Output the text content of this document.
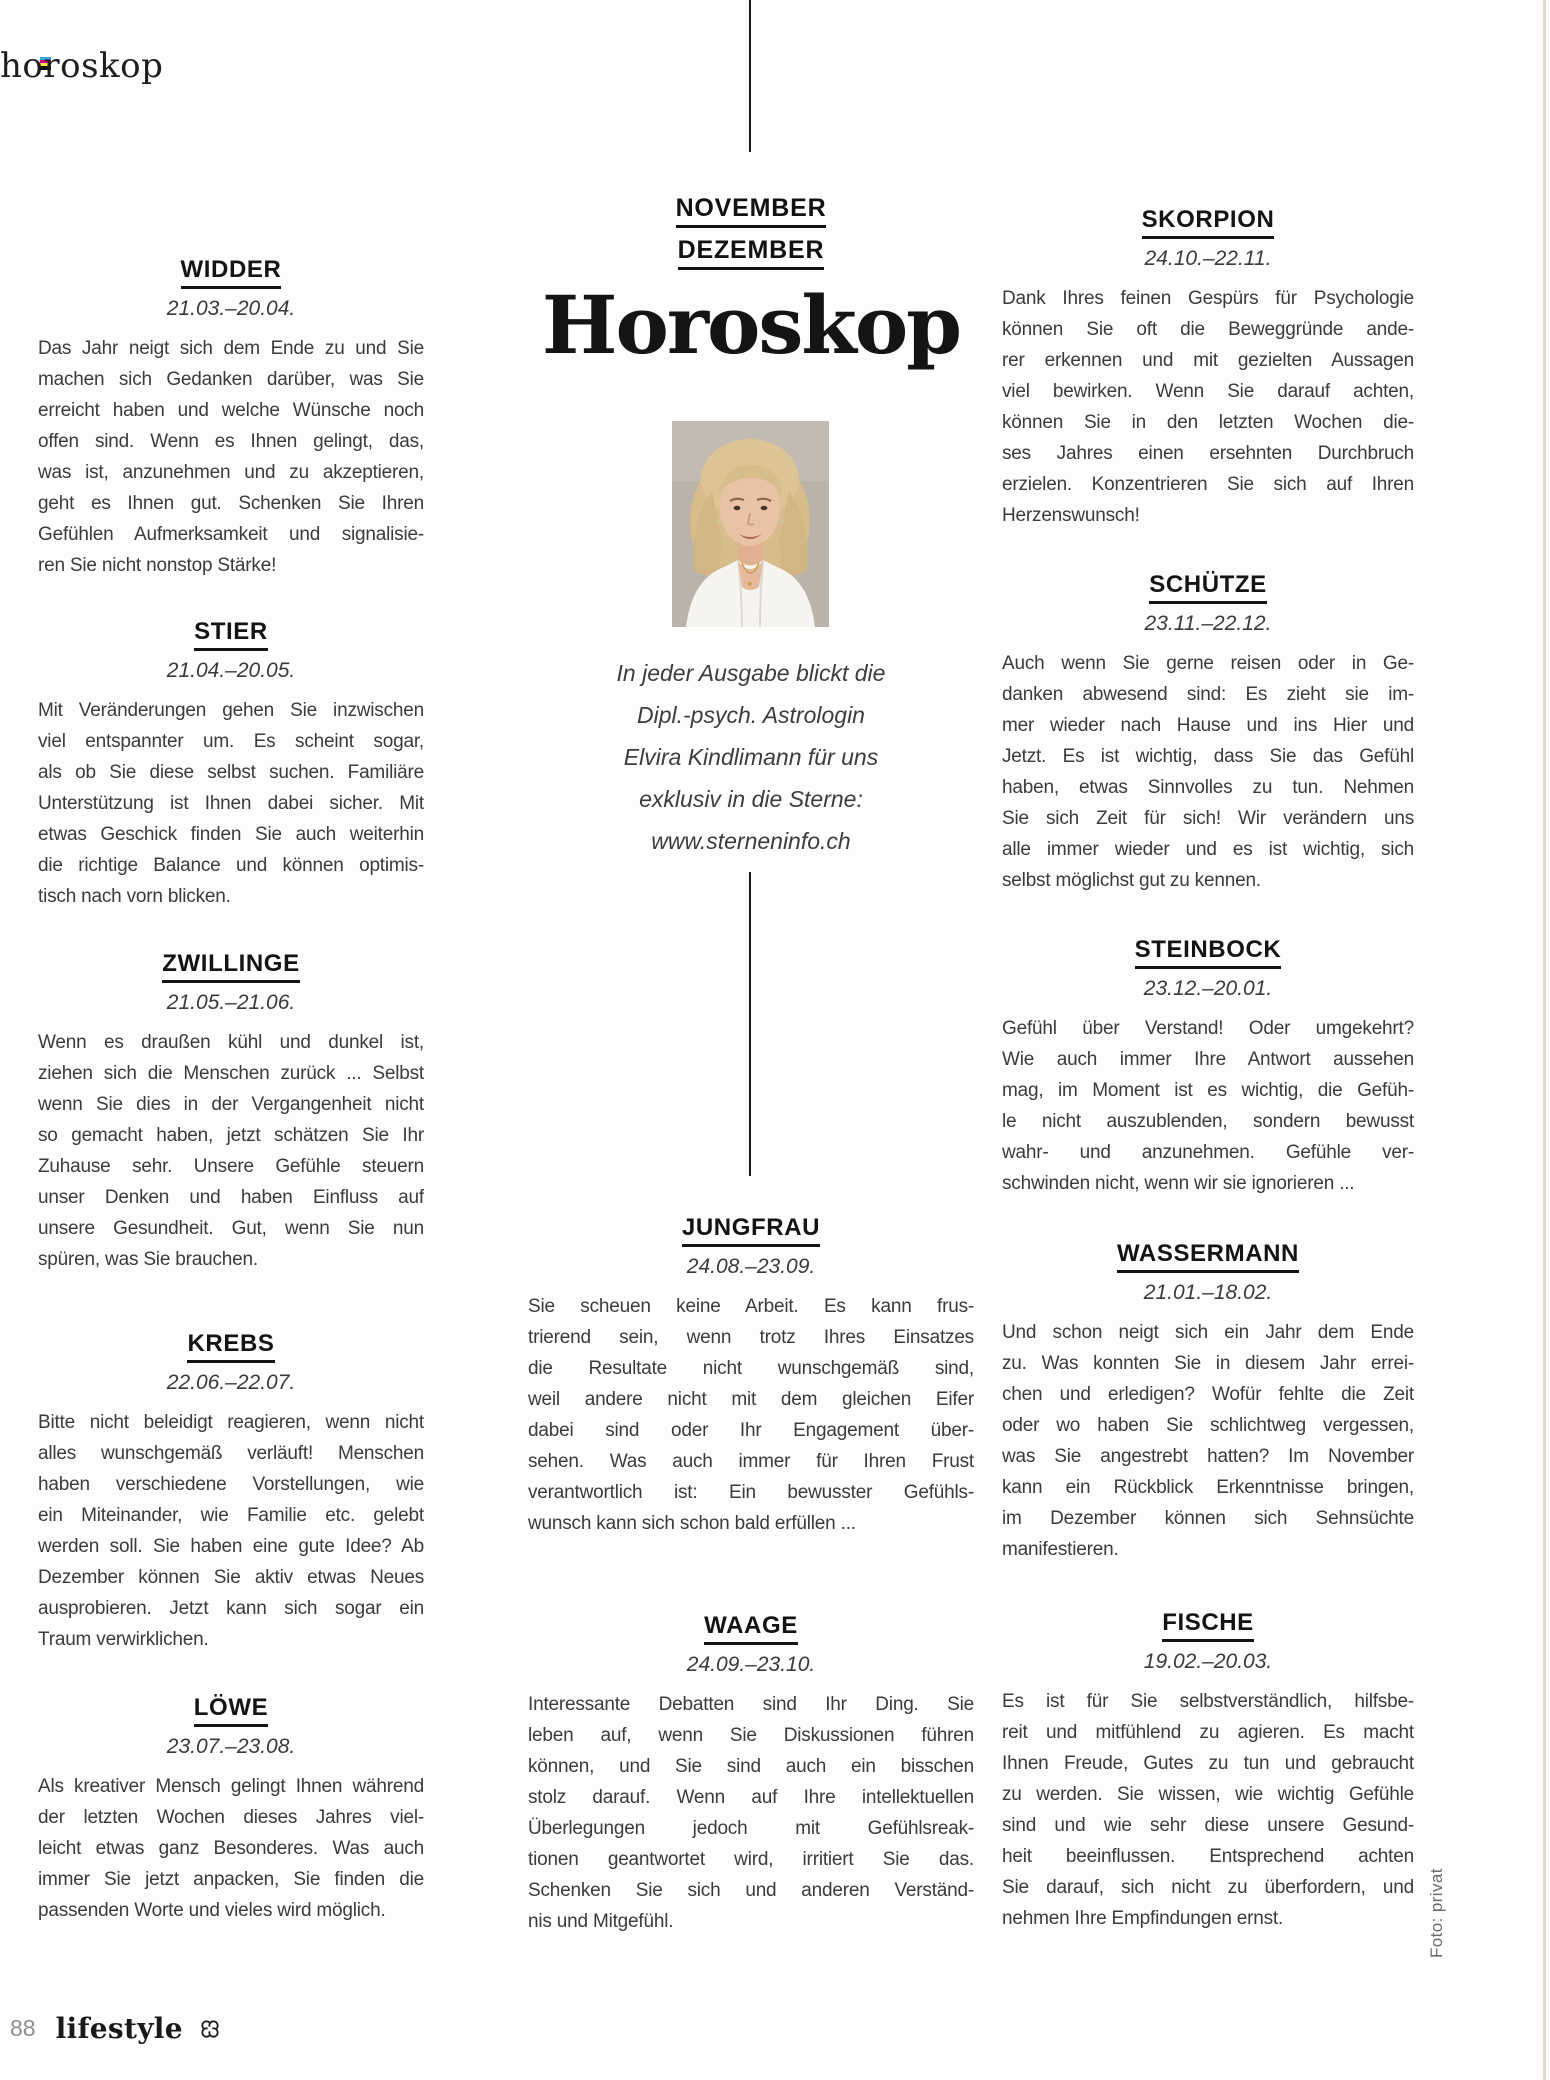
horoskop
NOVEMBER
DEZEMBER
Horoskop
In jeder Ausgabe blickt die
Dipl.-psych. Astrologin
Elvira Kindlimann für uns
exklusiv in die Sterne:
www.sterneninfo.ch
WIDDER
21.03.–20.04.
Das Jahr neigt sich dem Ende zu und Sie
machen sich Gedanken darüber, was Sie
erreicht haben und welche Wünsche noch
offen sind. Wenn es Ihnen gelingt, das,
was ist, anzunehmen und zu akzeptieren,
geht es Ihnen gut. Schenken Sie Ihren
Gefühlen Aufmerksamkeit und signalisie-
ren Sie nicht nonstop Stärke!
STIER
21.04.–20.05.
Mit Veränderungen gehen Sie inzwischen
viel entspannter um. Es scheint sogar,
als ob Sie diese selbst suchen. Familiäre
Unterstützung ist Ihnen dabei sicher. Mit
etwas Geschick finden Sie auch weiterhin
die richtige Balance und können optimis-
tisch nach vorn blicken.
ZWILLINGE
21.05.–21.06.
Wenn es draußen kühl und dunkel ist,
ziehen sich die Menschen zurück ... Selbst
wenn Sie dies in der Vergangenheit nicht
so gemacht haben, jetzt schätzen Sie Ihr
Zuhause sehr. Unsere Gefühle steuern
unser Denken und haben Einfluss auf
unsere Gesundheit. Gut, wenn Sie nun
spüren, was Sie brauchen.
KREBS
22.06.–22.07.
Bitte nicht beleidigt reagieren, wenn nicht
alles wunschgemäß verläuft! Menschen
haben verschiedene Vorstellungen, wie
ein Miteinander, wie Familie etc. gelebt
werden soll. Sie haben eine gute Idee? Ab
Dezember können Sie aktiv etwas Neues
ausprobieren. Jetzt kann sich sogar ein
Traum verwirklichen.
LÖWE
23.07.–23.08.
Als kreativer Mensch gelingt Ihnen während
der letzten Wochen dieses Jahres viel-
leicht etwas ganz Besonderes. Was auch
immer Sie jetzt anpacken, Sie finden die
passenden Worte und vieles wird möglich.
JUNGFRAU
24.08.–23.09.
Sie scheuen keine Arbeit. Es kann frus-
trierend sein, wenn trotz Ihres Einsatzes
die Resultate nicht wunschgemäß sind,
weil andere nicht mit dem gleichen Eifer
dabei sind oder Ihr Engagement über-
sehen. Was auch immer für Ihren Frust
verantwortlich ist: Ein bewusster Gefühls-
wunsch kann sich schon bald erfüllen ...
WAAGE
24.09.–23.10.
Interessante Debatten sind Ihr Ding. Sie
leben auf, wenn Sie Diskussionen führen
können, und Sie sind auch ein bisschen
stolz darauf. Wenn auf Ihre intellektuellen
Überlegungen jedoch mit Gefühlsreak-
tionen geantwortet wird, irritiert Sie das.
Schenken Sie sich und anderen Verständ-
nis und Mitgefühl.
SKORPION
24.10.–22.11.
Dank Ihres feinen Gespürs für Psychologie
können Sie oft die Beweggründe ande-
rer erkennen und mit gezielten Aussagen
viel bewirken. Wenn Sie darauf achten,
können Sie in den letzten Wochen die-
ses Jahres einen ersehnten Durchbruch
erzielen. Konzentrieren Sie sich auf Ihren
Herzenswunsch!
SCHÜTZE
23.11.–22.12.
Auch wenn Sie gerne reisen oder in Ge-
danken abwesend sind: Es zieht sie im-
mer wieder nach Hause und ins Hier und
Jetzt. Es ist wichtig, dass Sie das Gefühl
haben, etwas Sinnvolles zu tun. Nehmen
Sie sich Zeit für sich! Wir verändern uns
alle immer wieder und es ist wichtig, sich
selbst möglichst gut zu kennen.
STEINBOCK
23.12.–20.01.
Gefühl über Verstand! Oder umgekehrt?
Wie auch immer Ihre Antwort aussehen
mag, im Moment ist es wichtig, die Gefüh-
le nicht auszublenden, sondern bewusst
wahr- und anzunehmen. Gefühle ver-
schwinden nicht, wenn wir sie ignorieren ...
WASSERMANN
21.01.–18.02.
Und schon neigt sich ein Jahr dem Ende
zu. Was konnten Sie in diesem Jahr errei-
chen und erledigen? Wofür fehlte die Zeit
oder wo haben Sie schlichtweg vergessen,
was Sie angestrebt hatten? Im November
kann ein Rückblick Erkenntnisse bringen,
im Dezember können sich Sehnsüchte
manifestieren.
FISCHE
19.02.–20.03.
Es ist für Sie selbstverständlich, hilfsbe-
reit und mitfühlend zu agieren. Es macht
Ihnen Freude, Gutes zu tun und gebraucht
zu werden. Sie wissen, wie wichtig Gefühle
sind und wie sehr diese unsere Gesund-
heit beeinflussen. Entsprechend achten
Sie darauf, sich nicht zu überfordern, und
nehmen Ihre Empfindungen ernst.	Foto: privat
88 lifestyle
